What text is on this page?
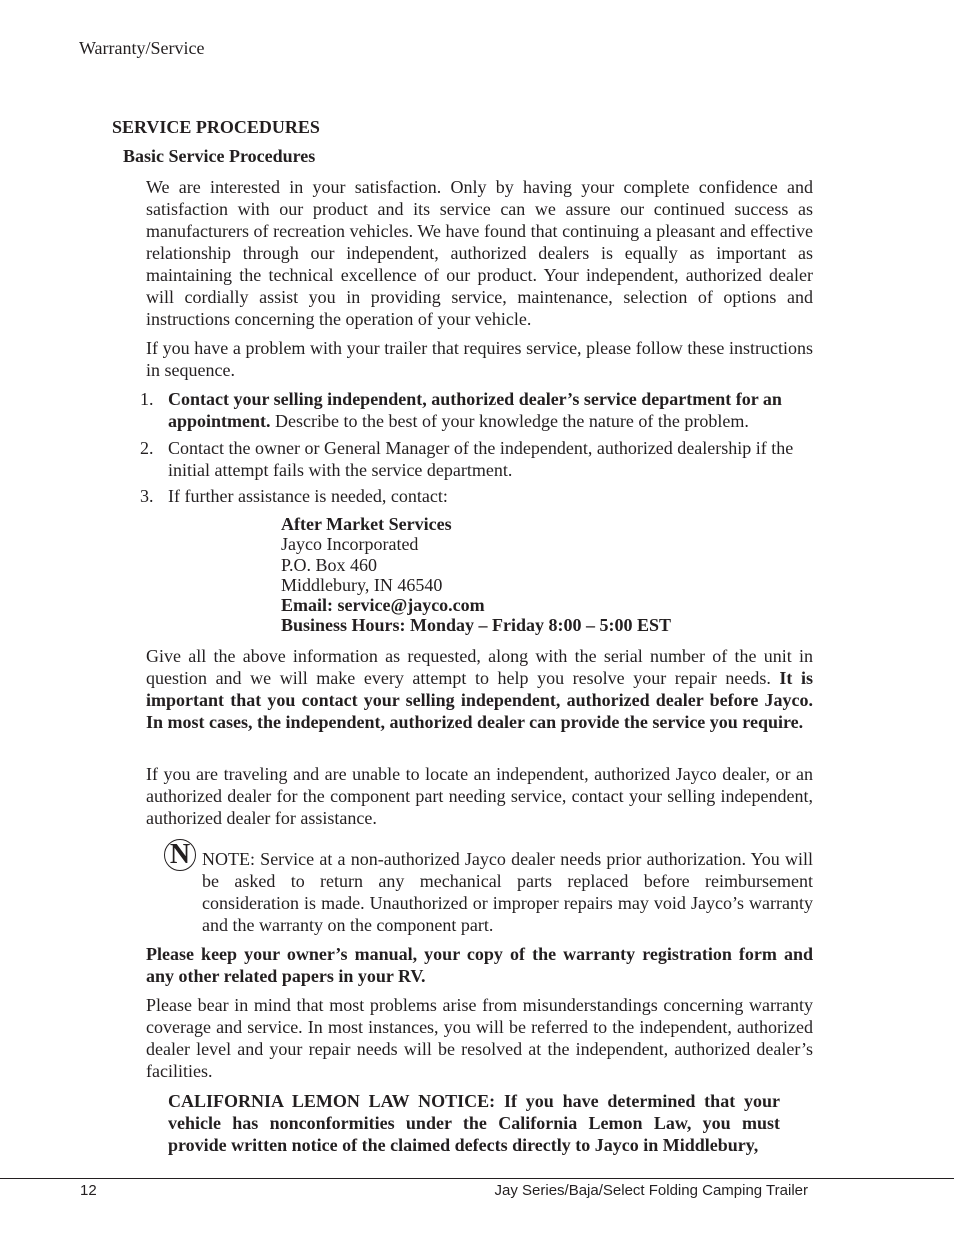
Warranty/Service
SERVICE PROCEDURES
Basic Service Procedures
We are interested in your satisfaction. Only by having your complete confidence and satisfaction with our product and its service can we assure our continued success as manufacturers of recreation vehicles. We have found that continuing a pleasant and effective relationship through our independent, authorized dealers is equally as important as maintaining the technical excellence of our product. Your independent, authorized dealer will cordially assist you in providing service, maintenance, selection of options and instructions concerning the operation of your vehicle.
If you have a problem with your trailer that requires service, please follow these instructions in sequence.
1. Contact your selling independent, authorized dealer’s service department for an appointment. Describe to the best of your knowledge the nature of the problem.
2. Contact the owner or General Manager of the independent, authorized dealership if the initial attempt fails with the service department.
3. If further assistance is needed, contact:
After Market Services
Jayco Incorporated
P.O. Box 460
Middlebury, IN 46540
Email: service@jayco.com
Business Hours: Monday – Friday 8:00 – 5:00 EST
Give all the above information as requested, along with the serial number of the unit in question and we will make every attempt to help you resolve your repair needs. It is important that you contact your selling independent, authorized dealer before Jayco. In most cases, the independent, authorized dealer can provide the service you require.
If you are traveling and are unable to locate an independent, authorized Jayco dealer, or an authorized dealer for the component part needing service, contact your selling independent, authorized dealer for assistance.
N NOTE: Service at a non-authorized Jayco dealer needs prior authorization. You will be asked to return any mechanical parts replaced before reimbursement consideration is made. Unauthorized or improper repairs may void Jayco’s warranty and the warranty on the component part.
Please keep your owner’s manual, your copy of the warranty registration form and any other related papers in your RV.
Please bear in mind that most problems arise from misunderstandings concerning warranty coverage and service. In most instances, you will be referred to the independent, authorized dealer level and your repair needs will be resolved at the independent, authorized dealer’s facilities.
CALIFORNIA LEMON LAW NOTICE: If you have determined that your vehicle has nonconformities under the California Lemon Law, you must provide written notice of the claimed defects directly to Jayco in Middlebury,
12	Jay Series/Baja/Select Folding Camping Trailer
